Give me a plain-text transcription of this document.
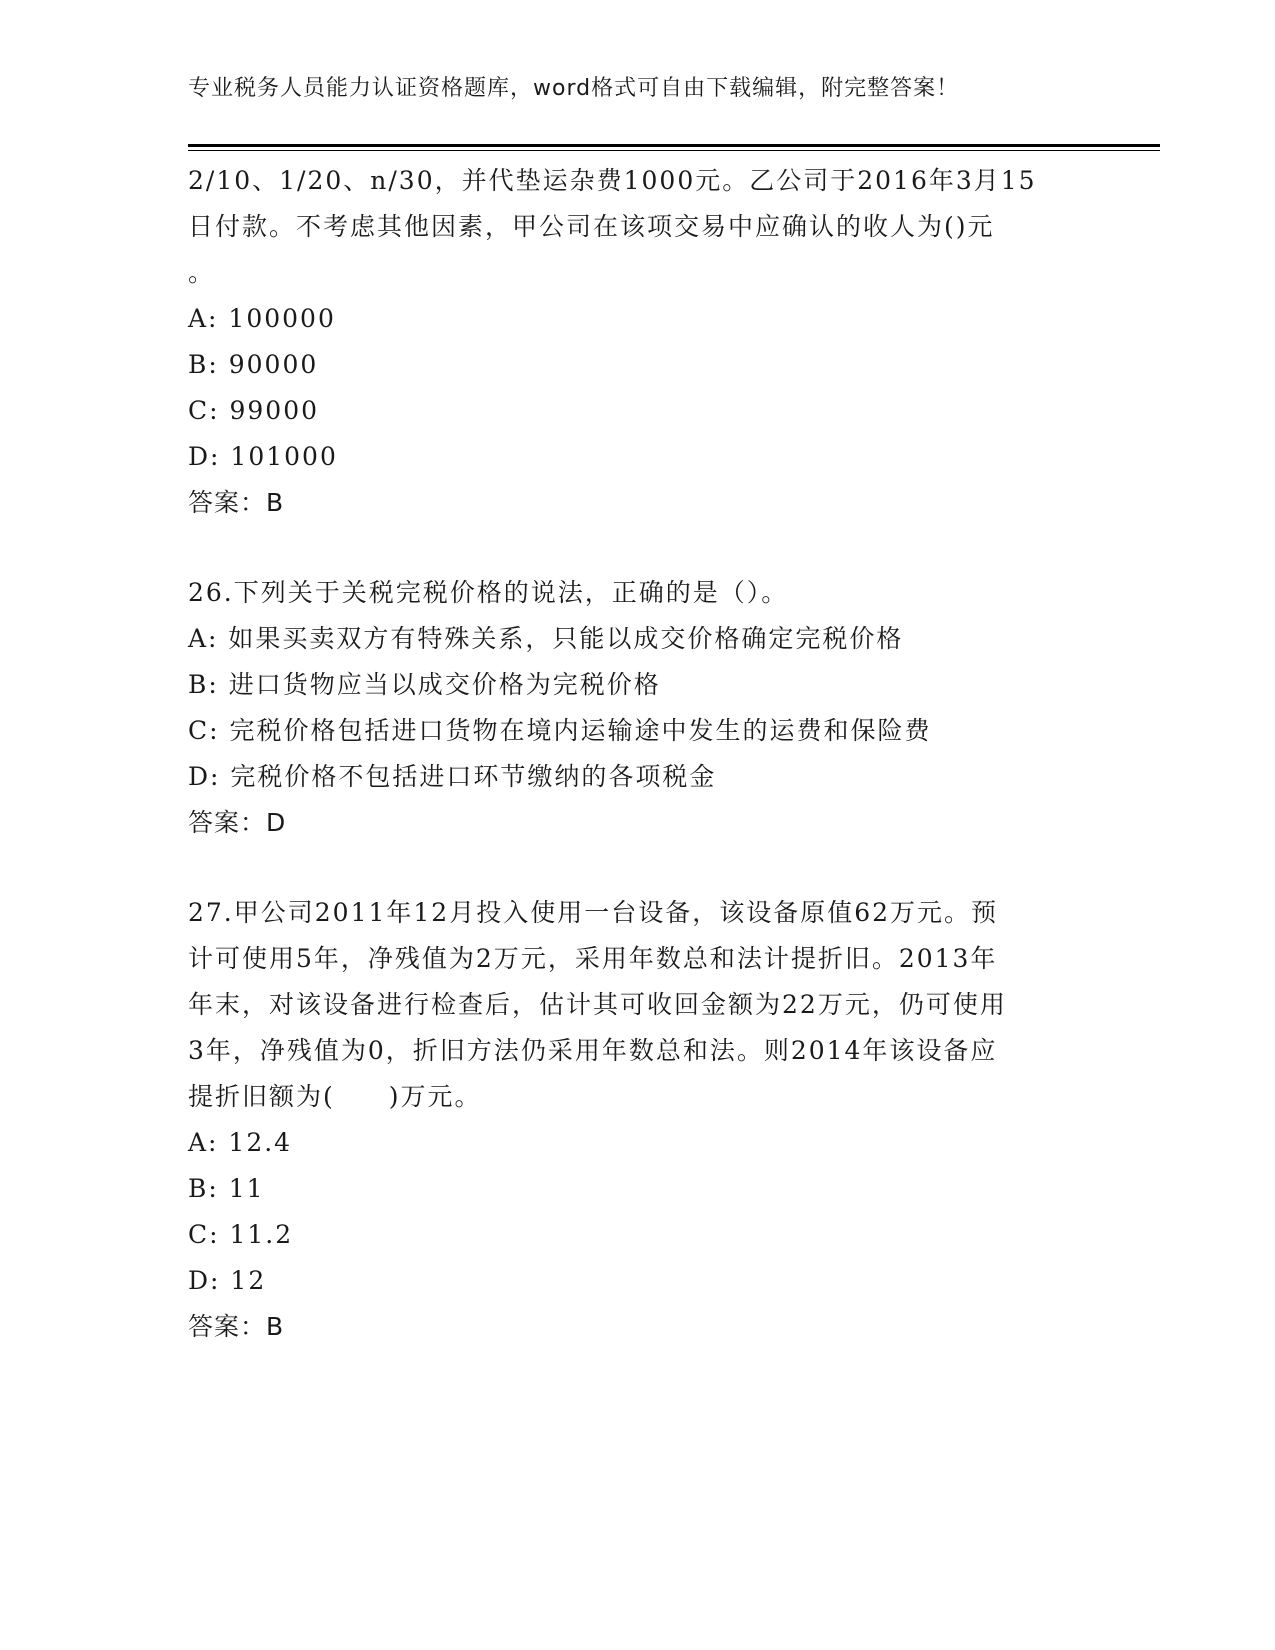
专业税务人员能力认证资格题库，word格式可自由下载编辑，附完整答案！
2/10、1/20、n/30，并代垫运杂费1000元。乙公司于2016年3月15
日付款。不考虑其他因素，甲公司在该项交易中应确认的收人为()元
。
A: 100000
B: 90000
C: 99000
D: 101000
答案：B
26.下列关于关税完税价格的说法，正确的是（）。
A: 如果买卖双方有特殊关系，只能以成交价格确定完税价格
B: 进口货物应当以成交价格为完税价格
C: 完税价格包括进口货物在境内运输途中发生的运费和保险费
D: 完税价格不包括进口环节缴纳的各项税金
答案：D
27.甲公司2011年12月投入使用一台设备，该设备原值62万元。预
计可使用5年，净残值为2万元，采用年数总和法计提折旧。2013年
年末，对该设备进行检查后，估计其可收回金额为22万元，仍可使用
3年，净残值为0，折旧方法仍采用年数总和法。则2014年该设备应
提折旧额为(　　)万元。
A: 12.4
B: 11
C: 11.2
D: 12
答案：B
